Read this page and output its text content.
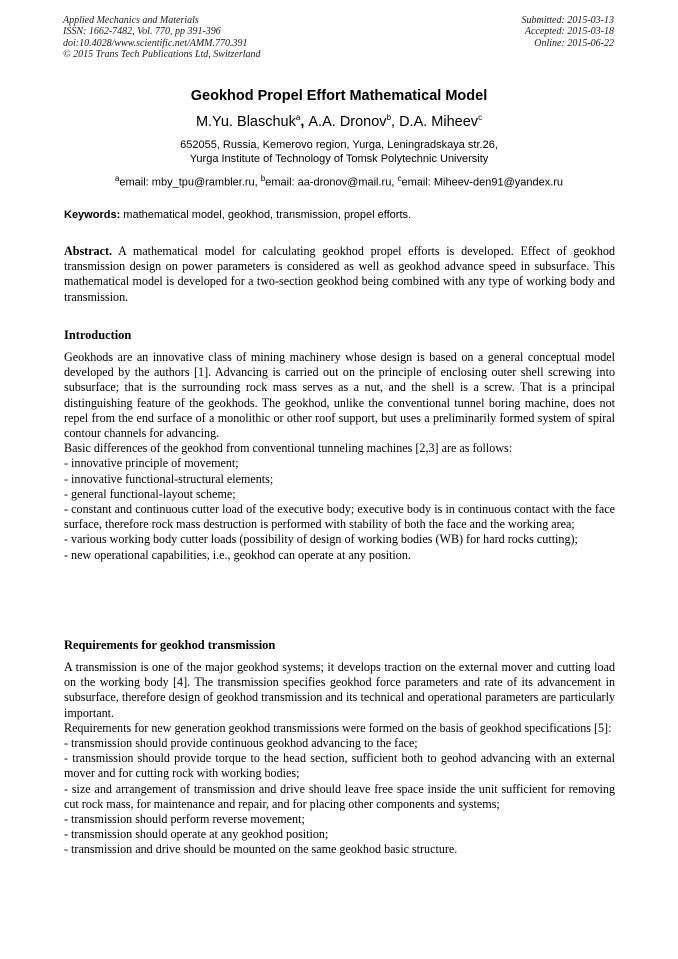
Applied Mechanics and Materials
ISSN: 1662-7482, Vol. 770, pp 391-396
doi:10.4028/www.scientific.net/AMM.770.391
© 2015 Trans Tech Publications Ltd, Switzerland
Submitted: 2015-03-13
Accepted: 2015-03-18
Online: 2015-06-22
Geokhod Propel Effort Mathematical Model
M.Yu. Blaschuk$^a$, A.A. Dronov$^b$, D.A. Miheev$^c$
652055, Russia, Kemerovo region, Yurga, Leningradskaya str.26,
Yurga Institute of Technology of Tomsk Polytechnic University
$^a$email: mby_tpu@rambler.ru, $^b$email: aa-dronov@mail.ru, $^c$email: Miheev-den91@yandex.ru
Keywords: mathematical model, geokhod, transmission, propel efforts.
Abstract. A mathematical model for calculating geokhod propel efforts is developed. Effect of geokhod transmission design on power parameters is considered as well as geokhod advance speed in subsurface. This mathematical model is developed for a two-section geokhod being combined with any type of working body and transmission.
Introduction

Geokhods are an innovative class of mining machinery whose design is based on a general conceptual model developed by the authors [1]. Advancing is carried out on the principle of enclosing outer shell screwing into subsurface; that is the surrounding rock mass serves as a nut, and the shell is a screw. That is a principal distinguishing feature of the geokhods. The geokhod, unlike the conventional tunnel boring machine, does not repel from the end surface of a monolithic or other roof support, but uses a preliminarily formed system of spiral contour channels for advancing.

Basic differences of the geokhod from conventional tunneling machines [2,3] are as follows:

- innovative principle of movement;

- innovative functional-structural elements;

- general functional-layout scheme;

- constant and continuous cutter load of the executive body; executive body is in continuous contact with the face surface, therefore rock mass destruction is performed with stability of both the face and the working area;

- various working body cutter loads (possibility of design of working bodies (WB) for hard rocks cutting);

- new operational capabilities, i.e., geokhod can operate at any position.

Requirements for geokhod transmission

A transmission is one of the major geokhod systems; it develops traction on the external mover and cutting load on the working body [4]. The transmission specifies geokhod force parameters and rate of its advancement in subsurface, therefore design of geokhod transmission and its technical and operational parameters are particularly important.

Requirements for new generation geokhod transmissions were formed on the basis of geokhod specifications [5]:

- transmission should provide continuous geokhod advancing to the face;

- transmission should provide torque to the head section, sufficient both to geohod advancing with an external mover and for cutting rock with working bodies;

- size and arrangement of transmission and drive should leave free space inside the unit sufficient for removing cut rock mass, for maintenance and repair, and for placing other components and systems;

- transmission should perform reverse movement;

- transmission should operate at any geokhod position;

- transmission and drive should be mounted on the same geokhod basic structure.
